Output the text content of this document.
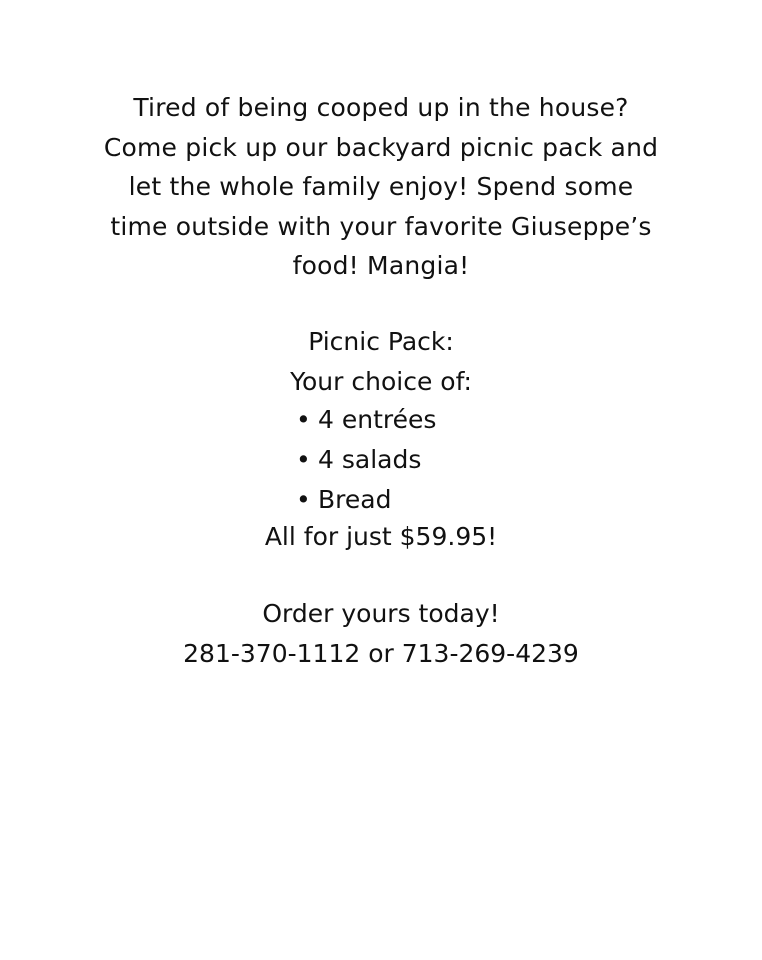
Tired of being cooped up in the house?
Come pick up our backyard picnic pack and
let the whole family enjoy! Spend some
time outside with your favorite Giuseppe’s
food! Mangia!
Picnic Pack:
Your choice of:
• 4 entrées
• 4 salads
• Bread
All for just $59.95!
Order yours today!
281-370-1112 or 713-269-4239
